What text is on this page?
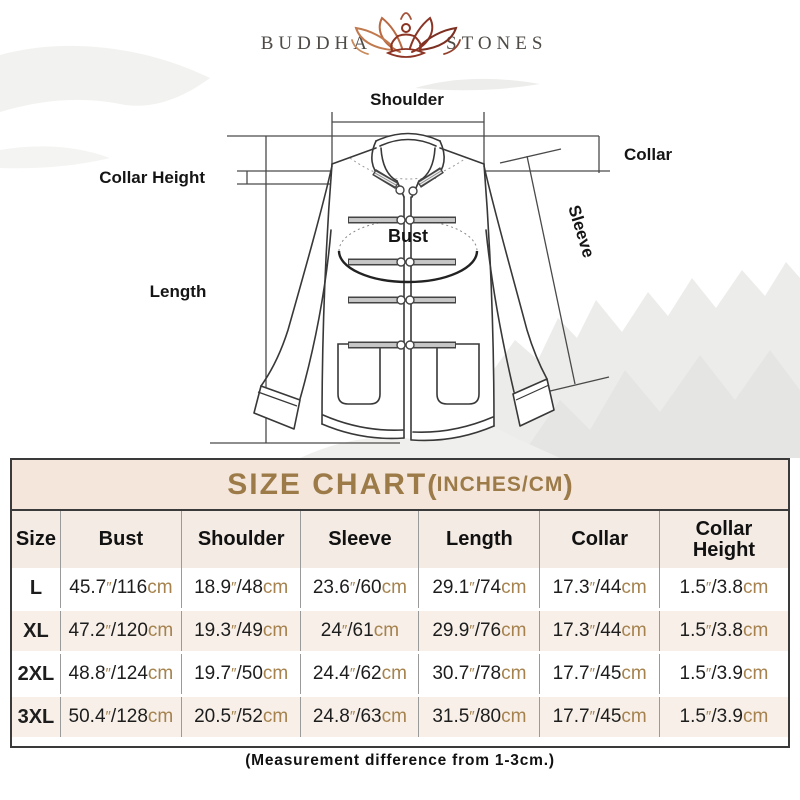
BUDDHA	STONES
Shoulder
Collar
Collar Height
Length
Bust	Sleeve
SIZE CHART ( INCHES/CM )
Size	Bust	Shoulder	Sleeve	Length	Collar	Collar Height
L	45.7 ″ /116 cm 18.9 ″ /48 cm 23.6 ″ /60 cm 29.1 ″ /74 cm 17.3 ″ /44 cm 1.5 ″ /3.8 cm
XL	47.2 ″ /120 cm 19.3 ″ /49 cm 24 ″ /61 cm 29.9 ″ /76 cm 17.3 ″ /44 cm 1.5 ″ /3.8 cm
2XL 48.8 ″ /124 cm 19.7 ″ /50 cm 24.4 ″ /62 cm 30.7 ″ /78 cm 17.7 ″ /45 cm 1.5 ″ /3.9 cm
3XL 50.4 ″ /128 cm 20.5 ″ /52 cm 24.8 ″ /63 cm 31.5 ″ /80 cm 17.7 ″ /45 cm 1.5 ″ /3.9 cm
(Measurement difference from 1-3cm.)
